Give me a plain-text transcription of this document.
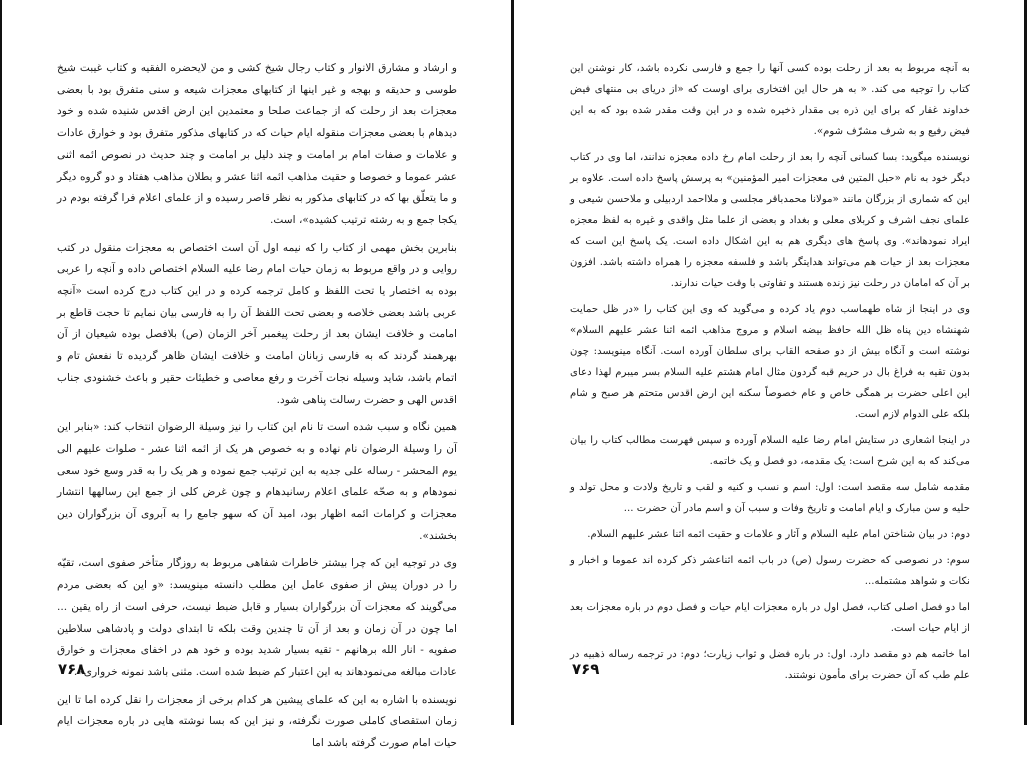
و ارشاد و مشارق الانوار و کتاب رجال شیخ کشی و من لایحضره الفقیه و کتاب غیبت شیخ طوسی و حدیقه و بهجه و غیر اینها از کتابهای معجزات شیعه و سنی متفرق بود با بعضی معجزات بعد از رحلت که از جماعت صلحا و معتمدین این ارض اقدس شنیده شده و خود دیدهام با بعضی معجزات منقوله ایام حیات که در کتابهای مذکور متفرق بود و خوارق عادات و علامات و صفات امام بر امامت و چند دلیل بر امامت و چند حدیث در نصوص ائمه اثنی عشر عموما و خصوصا و حقیت مذاهب ائمه اثنا عشر و بطلان مذاهب هفتاد و دو گروه دیگر و ما یتعلّق بها که در کتابهای مذکور به نظر قاصر رسیده و از علمای اعلام فرا گرفته بودم در یکجا جمع و به رشته ترتیب کشیده»، است.

بنابرین بخش مهمی از کتاب را که نیمه اول آن است اختصاص به معجزات منقول در کتب روایی و در واقع مربوط به زمان حیات امام رضا علیه السلام اختصاص داده و آنچه را عربی بوده به اختصار یا تحت اللفظ و کامل ترجمه کرده و در این کتاب درج کرده است «آنچه عربی باشد بعضی خلاصه و بعضی تحت اللفظ آن را به فارسی بیان نمایم تا حجت قاطع بر امامت و خلافت ایشان بعد از رحلت پیغمبر آخر الزمان (ص) بلافصل بوده شیعیان از آن بهرهمند گردند که به فارسی زبانان امامت و خلافت ایشان ظاهر گردیده تا نفعش تام و اتمام باشد، شاید وسیله نجات آخرت و رفع معاصی و خطیئات حقیر و باعث خشنودی جناب اقدس الهی و حضرت رسالت پناهی شود.

همین نگاه و سبب شده است تا نام این کتاب را نیز وسیلة الرضوان انتخاب کند: «بنابر این آن را وسیلة الرضوان نام نهاده و به خصوص هر یک از ائمه اثنا عشر - صلوات علیهم الی یوم المحشر - رساله علی جدیه به این ترتیب جمع نموده و هر یک را به قدر وسع خود سعی نمودهام و به صحّه علمای اعلام رسانیدهام و چون غرض کلی از جمع این رسالهها انتشار معجزات و کرامات ائمه اظهار بود، امید آن که سهو جامع را به آبروی آن بزرگواران دین بخشند».

وی در توجیه این که چرا بیشتر خاطرات شفاهی مربوط به روزگار متأخر صفوی است، تقیّه را در دوران پیش از صفوی عامل این مطلب دانسته مینویسد: «و این که بعضی مردم می‌گویند که معجزات آن بزرگواران بسیار و قابل ضبط نیست، حرفی است از راه یقین ... اما چون در آن زمان و بعد از آن تا چندین وقت بلکه تا ابتدای دولت و پادشاهی سلاطین صفویه - انار الله برهانهم - تقیه بسیار شدید بوده و خود هم در اخفای معجزات و خوارق عادات مبالغه می‌نمودهاند به این اعتبار کم ضبط شده است. مثنی باشد نمونه خرواری».

نویسنده با اشاره به این که علمای پیشین هر کدام برخی از معجزات را نقل کرده اما تا این زمان استقصای کاملی صورت نگرفته، و نیز این که بسا نوشته هایی در باره معجزات ایام حیات امام صورت گرفته باشد اما

۷۶۸

به آنچه مربوط به بعد از رحلت بوده کسی آنها را جمع و فارسی نکرده باشد، کار نوشتن این کتاب را توجیه می کند. « به هر حال این افتخاری برای اوست که «از دریای بی منتهای فیض خداوند غفار که برای این ذره بی مقدار ذخیره شده و در این وقت مقدر شده بود که به این فیض رفیع و به شرف مشرّف شوم».

نویسنده میگوید: بسا کسانی آنچه را بعد از رحلت امام رخ داده معجزه ندانند، اما وی در کتاب دیگر خود به نام «حبل المتین فی معجزات امیر المؤمنین» به پرسش پاسخ داده است. علاوه بر این که شماری از بزرگان مانند «مولانا محمدباقر مجلسی و ملااحمد اردبیلی و ملاحسن شیعی و علمای نجف اشرف و کربلای معلی و بغداد و بعضی از علما مثل واقدی و غیره به لفظ معجزه ایراد نمودهاند». وی پاسخ های دیگری هم به این اشکال داده است. یک پاسخ این است که معجزات بعد از حیات هم می‌تواند هدایتگر باشد و فلسفه معجزه را همراه داشته باشد. افزون بر آن که امامان در رحلت نیز زنده هستند و تفاوتی با وقت حیات ندارند.

وی در اینجا از شاه طهماسب دوم یاد کرده و می‌گوید که وی این کتاب را «در ظل حمایت شهنشاه دین پناه ظل الله حافظ بیضه اسلام و مروج مذاهب ائمه اثنا عشر علیهم السلام» نوشته است و آنگاه بیش از دو صفحه القاب برای سلطان آورده است. آنگاه مینویسد: چون بدون تقیه به فراغ بال در حریم قبه گردون مثال امام هشتم علیه السلام بسر میبرم لهذا دعای این اعلی حضرت بر همگی خاص و عام خصوصاً سکنه این ارض اقدس متحتم هر صبح و شام بلکه علی الدوام لازم است.

در اینجا اشعاری در ستایش امام رضا علیه السلام آورده و سپس فهرست مطالب کتاب را بیان می‌کند که به این شرح است: یک مقدمه، دو فصل و یک خاتمه.

مقدمه شامل سه مقصد است: اول: اسم و نسب و کنیه و لقب و تاریخ ولادت و محل تولد و حلیه و سن مبارک و ایام امامت و تاریخ وفات و سبب آن و اسم مادر آن حضرت ...

دوم: در بیان شناختن امام علیه السلام و آثار و علامات و حقیت ائمه اثنا عشر علیهم السلام.

سوم: در نصوصی که حضرت رسول (ص) در باب ائمه اثناعشر ذکر کرده اند عموما و اخبار و نکات و شواهد مشتمله...

اما دو فصل اصلی کتاب، فصل اول در باره معجزات ایام حیات و فصل دوم در باره معجزات بعد از ایام حیات است.

اما خاتمه هم دو مقصد دارد. اول: در باره فضل و ثواب زیارت؛ دوم: در ترجمه رساله ذهبیه در علم طب که آن حضرت برای مأمون نوشتند.

۷۶۹
